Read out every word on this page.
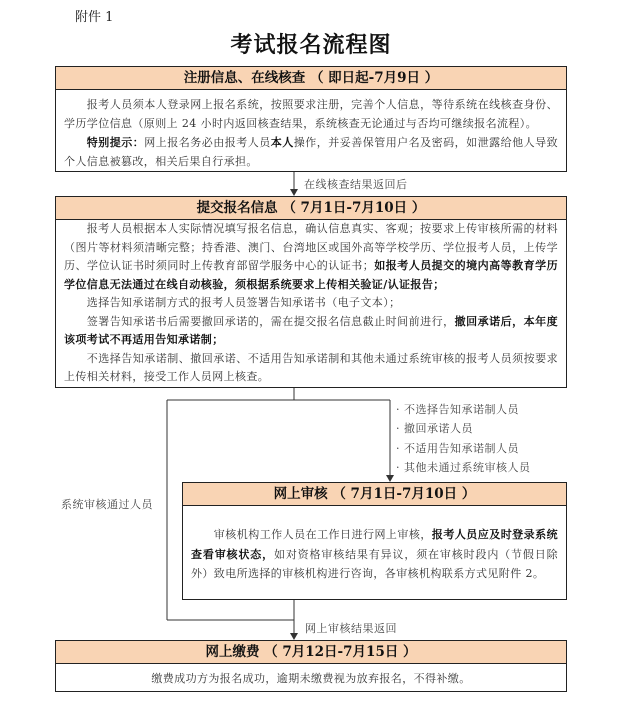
附件 1
考试报名流程图
注册信息、在线核查 （ 即日起-7月9日 ）

报考人员须本人登录网上报名系统，按照要求注册，完善个人信息，等待系统在线核查身份、学历学位信息（原则上 24 小时内返回核查结果，系统核查无论通过与否均可继续报名流程）。

特别提示：网上报名务必由报考人员本人操作，并妥善保管用户名及密码，如泄露给他人导致个人信息被篡改，相关后果自行承担。

在线核查结果返回后
提交报名信息 （ 7月1日-7月10日 ）

报考人员根据本人实际情况填写报名信息，确认信息真实、客观；按要求上传审核所需的材料（图片等材料须清晰完整；持香港、澳门、台湾地区或国外高等学校学历、学位报考人员，上传学历、学位认证书时须同时上传教育部留学服务中心的认证书；如报考人员提交的境内高等教育学历学位信息无法通过在线自动核验，须根据系统要求上传相关验证/认证报告；

选择告知承诺制方式的报考人员签署告知承诺书（电子文本）；

签署告知承诺书后需要撤回承诺的，需在提交报名信息截止时间前进行，撤回承诺后，本年度该项考试不再适用告知承诺制；

不选择告知承诺制、撤回承诺、不适用告知承诺制和其他未通过系统审核的报考人员须按要求上传相关材料，接受工作人员网上核查。

· 不选择告知承诺制人员
· 撤回承诺人员
· 不适用告知承诺制人员
· 其他未通过系统审核人员
系统审核通过人员
网上审核 （ 7月1日-7月10日 ）

审核机构工作人员在工作日进行网上审核，报考人员应及时登录系统查看审核状态，如对资格审核结果有异议，须在审核时段内（节假日除外）致电所选择的审核机构进行咨询，各审核机构联系方式见附件 2。

网上审核结果返回
网上缴费 （ 7月12日-7月15日 ）

缴费成功方为报名成功，逾期未缴费视为放弃报名，不得补缴。
